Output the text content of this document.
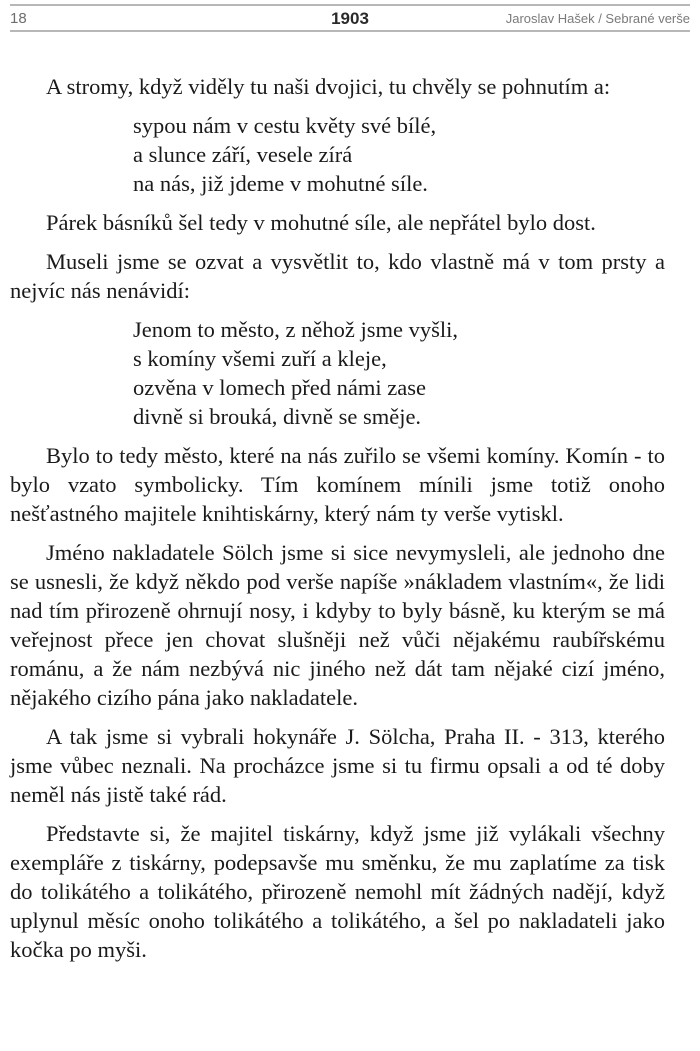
18	1903	Jaroslav Hašek / Sebrané verše

A stromy, když viděly tu naši dvojici, tu chvěly se pohnutím a:

sypou nám v cestu květy své bílé,
a slunce září, vesele zírá
na nás, již jdeme v mohutné síle.

Párek básníků šel tedy v mohutné síle, ale nepřátel bylo dost.

Museli jsme se ozvat a vysvětlit to, kdo vlastně má v tom prsty a nejvíc nás nenávidí:

Jenom to město, z něhož jsme vyšli,
s komíny všemi zuří a kleje,
ozvěna v lomech před námi zase
divně si brouká, divně se směje.

Bylo to tedy město, které na nás zuřilo se všemi komíny. Komín - to bylo vzato symbolicky. Tím komínem mínili jsme totiž onoho nešťastného majitele knihtiskárny, který nám ty verše vytiskl.

Jméno nakladatele Sölch jsme si sice nevymysleli, ale jednoho dne se usnesli, že když někdo pod verše napíše »nákladem vlastním«, že lidi nad tím přirozeně ohrnují nosy, i kdyby to byly básně, ku kterým se má veřejnost přece jen chovat slušněji než vůči nějakému raubířskému románu, a že nám nezbývá nic jiného než dát tam nějaké cizí jméno, nějakého cizího pána jako nakladatele.

A tak jsme si vybrali hokynáře J. Sölcha, Praha II. - 313, kterého jsme vůbec neznali. Na procházce jsme si tu firmu opsali a od té doby neměl nás jistě také rád.

Představte si, že majitel tiskárny, když jsme již vylákali všechny exempláře z tiskárny, podepsavše mu směnku, že mu zaplatíme za tisk do tolikátého a tolikátého, přirozeně nemohl mít žádných nadějí, když uplynul měsíc onoho tolikátého a tolikátého, a šel po nakladateli jako kočka po myši.
